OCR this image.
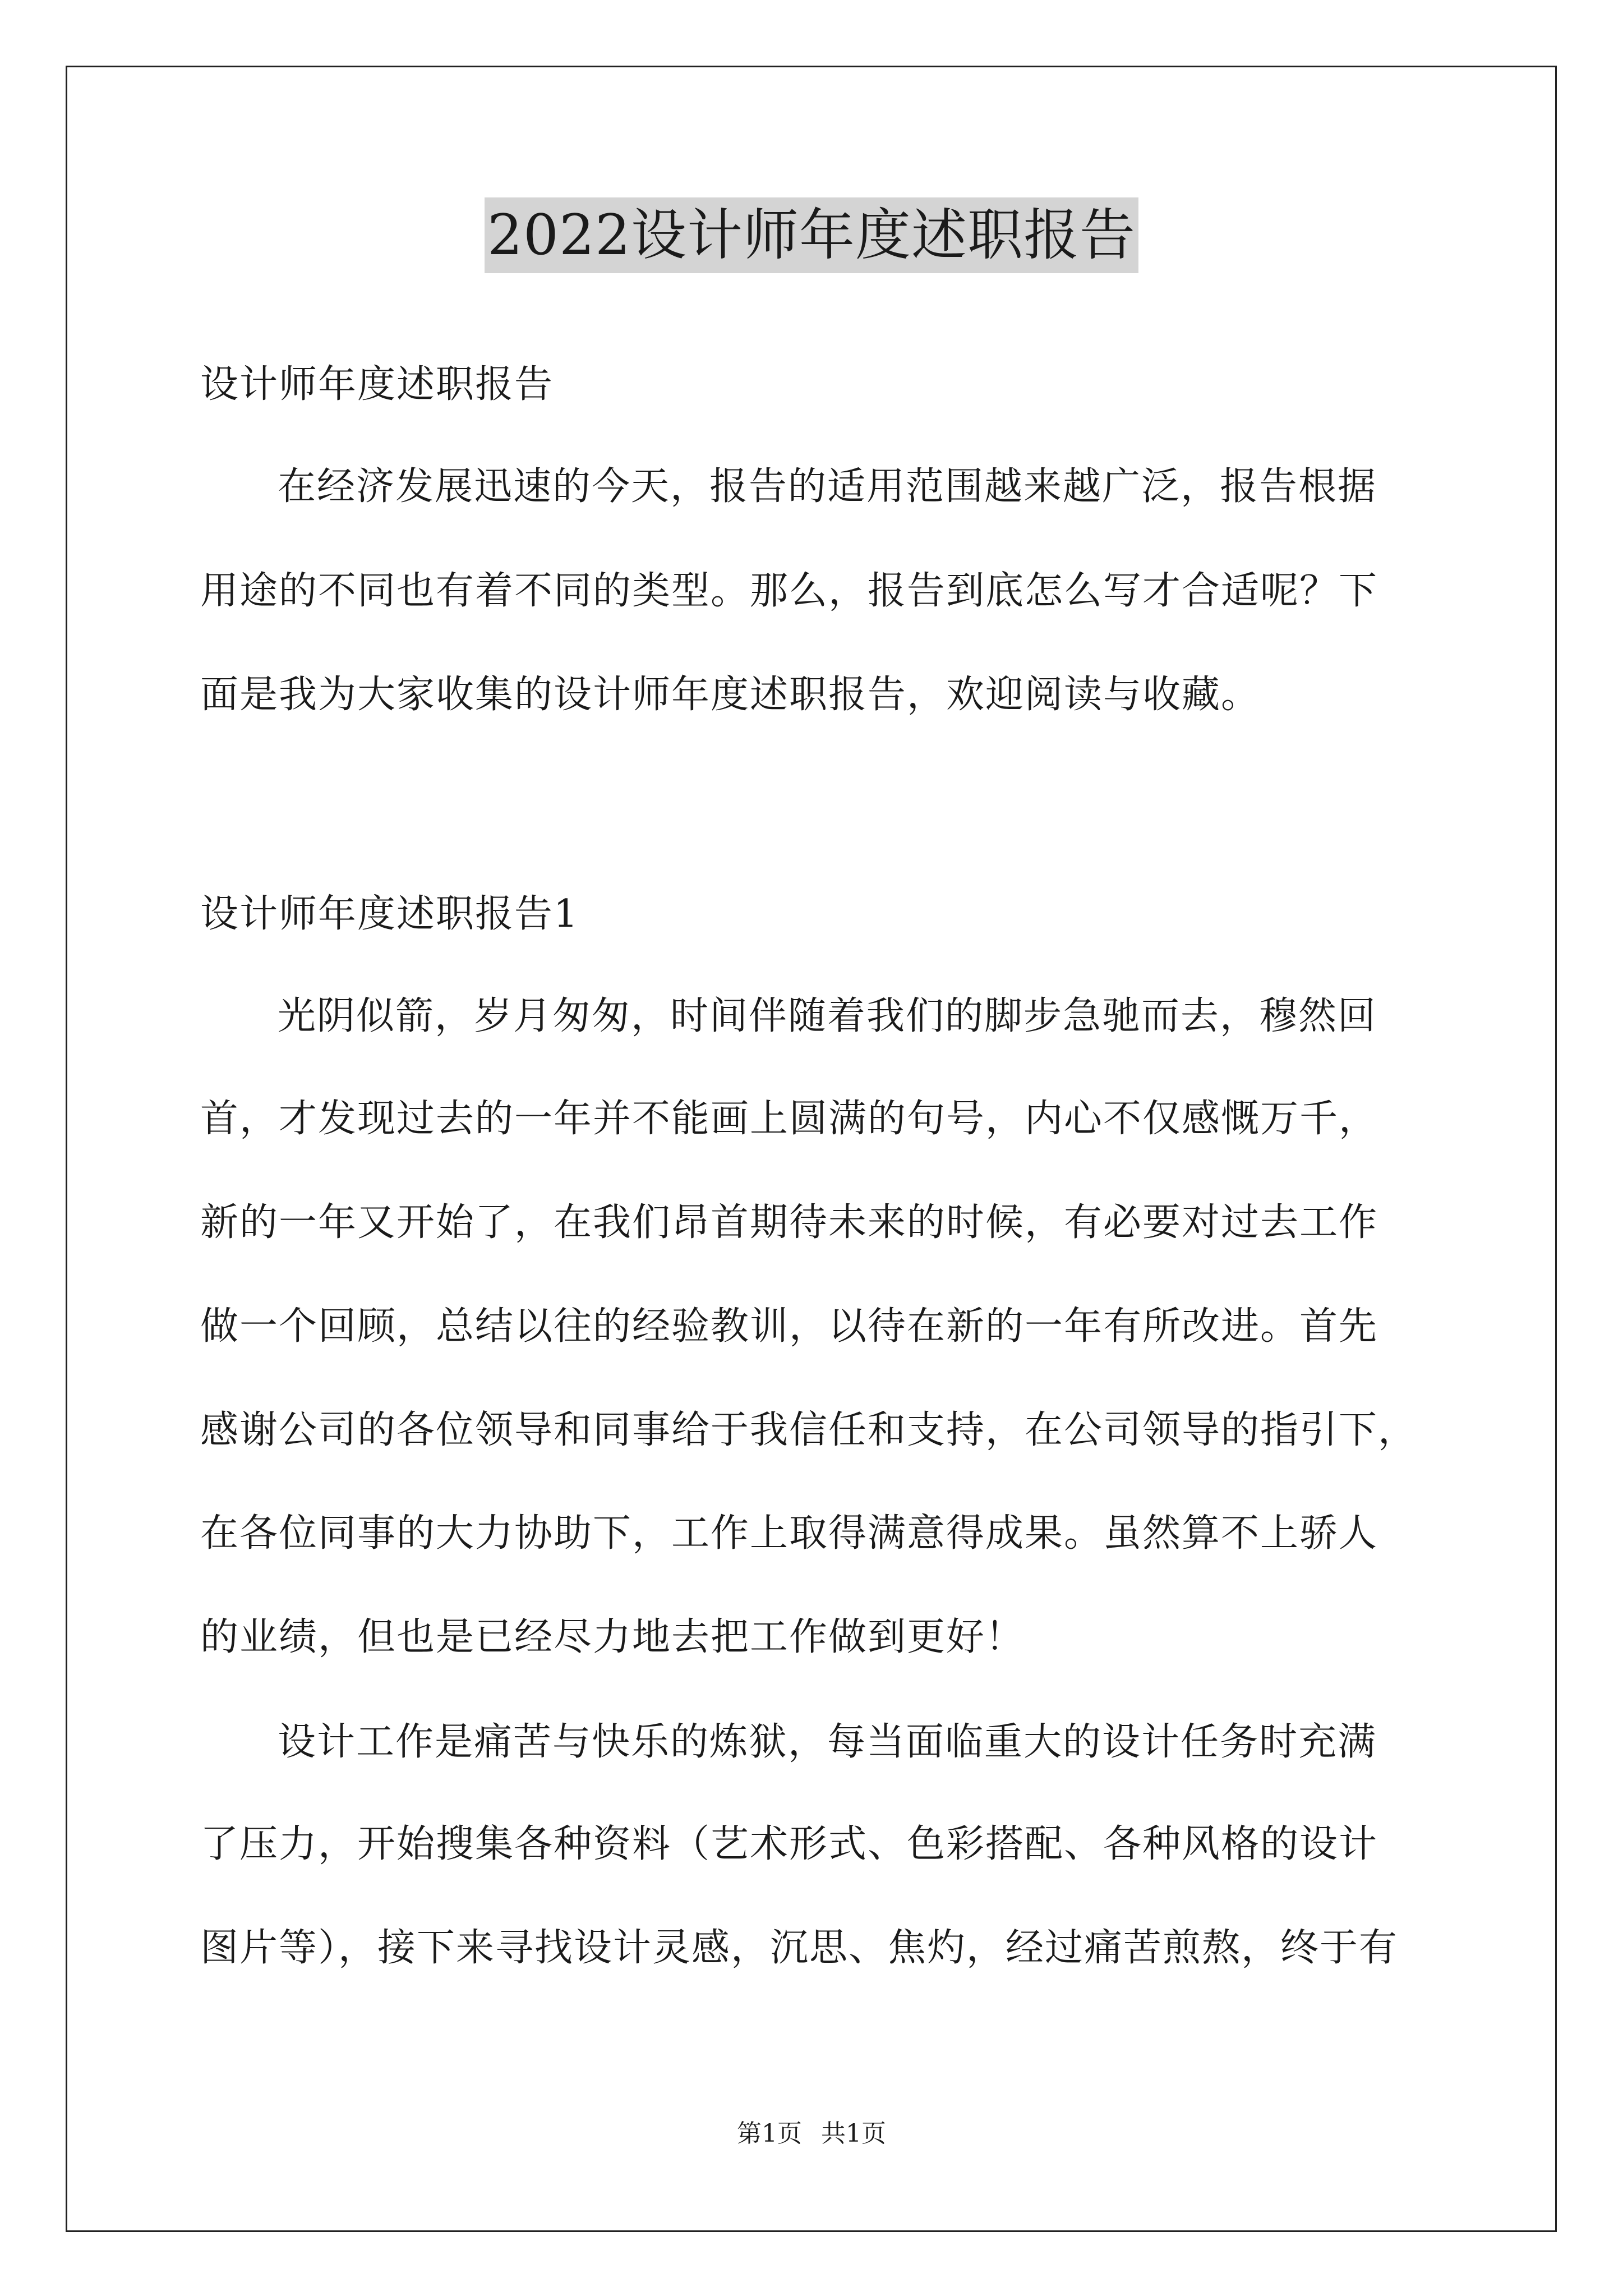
2022设计师年度述职报告
设计师年度述职报告
在经济发展迅速的今天，报告的适用范围越来越广泛，报告根据
用途的不同也有着不同的类型。那么，报告到底怎么写才合适呢？下
面是我为大家收集的设计师年度述职报告，欢迎阅读与收藏。
设计师年度述职报告1
光阴似箭，岁月匆匆，时间伴随着我们的脚步急驰而去，穆然回
首，才发现过去的一年并不能画上圆满的句号，内心不仅感慨万千，
新的一年又开始了，在我们昂首期待未来的时候，有必要对过去工作
做一个回顾，总结以往的经验教训，以待在新的一年有所改进。首先
感谢公司的各位领导和同事给于我信任和支持，在公司领导的指引下，
在各位同事的大力协助下，工作上取得满意得成果。虽然算不上骄人
的业绩，但也是已经尽力地去把工作做到更好！
设计工作是痛苦与快乐的炼狱，每当面临重大的设计任务时充满
了压力，开始搜集各种资料（艺术形式、色彩搭配、各种风格的设计
图片等），接下来寻找设计灵感，沉思、焦灼，经过痛苦煎熬，终于有
第1页 共1页
